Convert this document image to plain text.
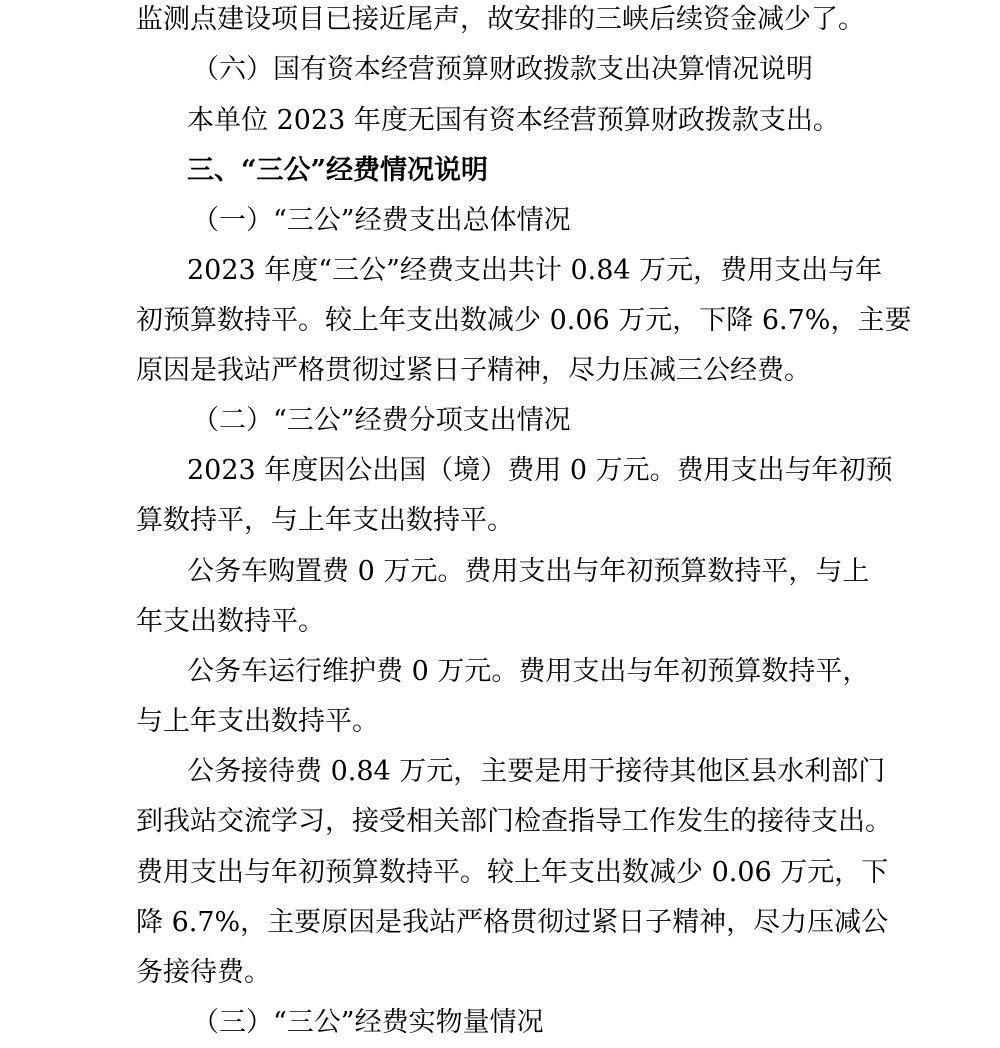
监测点建设项目已接近尾声，故安排的三峡后续资金减少了。
（六）国有资本经营预算财政拨款支出决算情况说明
本单位 2023 年度无国有资本经营预算财政拨款支出。
三、“三公”经费情况说明
（一）“三公”经费支出总体情况
2023 年度“三公”经费支出共计 0.84 万元，费用支出与年
初预算数持平。较上年支出数减少 0.06 万元，下降 6.7%，主要
原因是我站严格贯彻过紧日子精神，尽力压减三公经费。
（二）“三公”经费分项支出情况
2023 年度因公出国（境）费用 0 万元。费用支出与年初预
算数持平，与上年支出数持平。
公务车购置费 0 万元。费用支出与年初预算数持平，与上
年支出数持平。
公务车运行维护费 0 万元。费用支出与年初预算数持平，
与上年支出数持平。
公务接待费 0.84 万元，主要是用于接待其他区县水利部门
到我站交流学习，接受相关部门检查指导工作发生的接待支出。
费用支出与年初预算数持平。较上年支出数减少 0.06 万元，下
降 6.7%，主要原因是我站严格贯彻过紧日子精神，尽力压减公
务接待费。
（三）“三公”经费实物量情况
